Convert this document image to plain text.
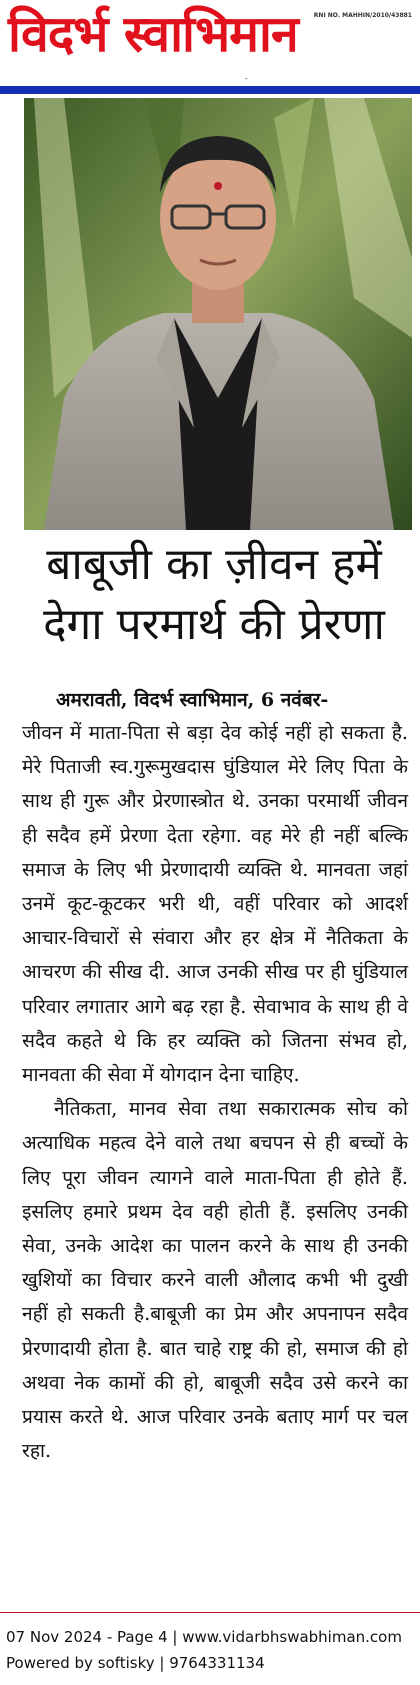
विदर्भ स्वाभिमान	RNI NO. MAHHIN/2010/43881
-
बाबूजी का ज़ीवन हमें
देगा परमार्थ की प्रेरणा
अमरावती, विदर्भ स्वाभिमान, 6 नवंबर-

जीवन में माता-पिता से बड़ा देव कोई नहीं हो सकता है. मेरे पिताजी स्व.गुरूमुखदास घुंडियाल मेरे लिए पिता के साथ ही गुरू और प्रेरणास्त्रोत थे. उनका परमार्थी जीवन ही सदैव हमें प्रेरणा देता रहेगा. वह मेरे ही नहीं बल्कि समाज के लिए भी प्रेरणादायी व्यक्ति थे. मानवता जहां उनमें कूट-कूटकर भरी थी, वहीं परिवार को आदर्श आचार-विचारों से संवारा और हर क्षेत्र में नैतिकता के आचरण की सीख दी. आज उनकी सीख पर ही घुंडियाल परिवार लगातार आगे बढ़ रहा है. सेवाभाव के साथ ही वे सदैव कहते थे कि हर व्यक्ति को जितना संभव हो, मानवता की सेवा में योगदान देना चाहिए.

नैतिकता, मानव सेवा तथा सकारात्मक सोच को अत्याधिक महत्व देने वाले तथा बचपन से ही बच्चों के लिए पूरा जीवन त्यागने वाले माता-पिता ही होते हैं. इसलिए हमारे प्रथम देव वही होती हैं. इसलिए उनकी सेवा, उनके आदेश का पालन करने के साथ ही उनकी खुशियों का विचार करने वाली औलाद कभी भी दुखी नहीं हो सकती है.बाबूजी का प्रेम और अपनापन सदैव प्रेरणादायी होता है. बात चाहे राष्ट्र की हो, समाज की हो अथवा नेक कामों की हो, बाबूजी सदैव उसे करने का प्रयास करते थे. आज परिवार उनके बताए मार्ग पर चल रहा.

07 Nov 2024 - Page 4 | www.vidarbhswabhiman.com
Powered by softisky | 9764331134
